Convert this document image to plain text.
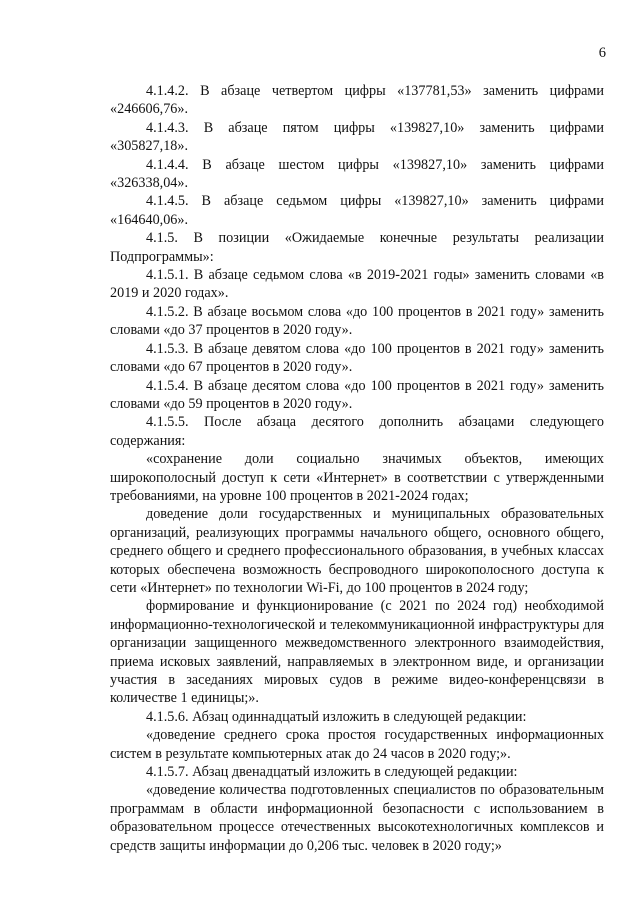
6

4.1.4.2. В абзаце четвертом цифры «137781,53» заменить цифрами «246606,76».

4.1.4.3. В абзаце пятом цифры «139827,10» заменить цифрами «305827,18».

4.1.4.4. В абзаце шестом цифры «139827,10» заменить цифрами «326338,04».

4.1.4.5. В абзаце седьмом цифры «139827,10» заменить цифрами «164640,06».

4.1.5. В позиции «Ожидаемые конечные результаты реализации Подпрограммы»:

4.1.5.1. В абзаце седьмом слова «в 2019-2021 годы» заменить словами «в 2019 и 2020 годах».

4.1.5.2. В абзаце восьмом слова «до 100 процентов в 2021 году» заменить словами «до 37 процентов в 2020 году».

4.1.5.3. В абзаце девятом слова «до 100 процентов в 2021 году» заменить словами «до 67 процентов в 2020 году».

4.1.5.4. В абзаце десятом слова «до 100 процентов в 2021 году» заменить словами «до 59 процентов в 2020 году».

4.1.5.5. После абзаца десятого дополнить абзацами следующего содержания:

«сохранение доли социально значимых объектов, имеющих широкополосный доступ к сети «Интернет» в соответствии с утвержденными требованиями, на уровне 100 процентов в 2021-2024 годах;

доведение доли государственных и муниципальных образовательных организаций, реализующих программы начального общего, основного общего, среднего общего и среднего профессионального образования, в учебных классах которых обеспечена возможность беспроводного широкополосного доступа к сети «Интернет» по технологии Wi-Fi, до 100 процентов в 2024 году;

формирование и функционирование (с 2021 по 2024 год) необходимой информационно-технологической и телекоммуникационной инфраструктуры для организации защищенного межведомственного электронного взаимодействия, приема исковых заявлений, направляемых в электронном виде, и организации участия в заседаниях мировых судов в режиме видео-конференцсвязи в количестве 1 единицы;».

4.1.5.6. Абзац одиннадцатый изложить в следующей редакции:

«доведение среднего срока простоя государственных информационных систем в результате компьютерных атак до 24 часов в 2020 году;».

4.1.5.7. Абзац двенадцатый изложить в следующей редакции:

«доведение количества подготовленных специалистов по образовательным программам в области информационной безопасности с использованием в образовательном процессе отечественных высокотехнологичных комплексов и средств защиты информации до 0,206 тыс. человек в 2020 году;»
